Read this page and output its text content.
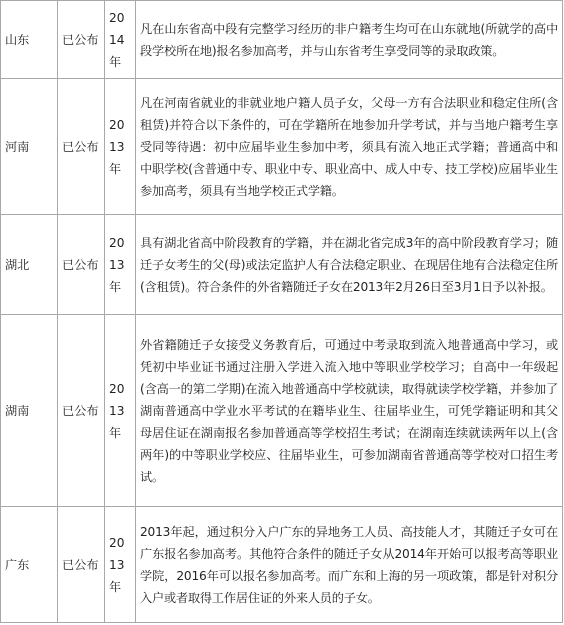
山东	已公布	2014年	凡在山东省高中段有完整学习经历的非户籍考生均可在山东就地(所就学的高中段学校所在地)报名参加高考，并与山东省考生享受同等的录取政策。

河南	已公布	2013年	凡在河南省就业的非就业地户籍人员子女，父母一方有合法职业和稳定住所(含租赁)并符合以下条件的，可在学籍所在地参加升学考试，并与当地户籍考生享受同等待遇：初中应届毕业生参加中考，须具有流入地正式学籍；普通高中和中职学校(含普通中专、职业中专、职业高中、成人中专、技工学校)应届毕业生参加高考，须具有当地学校正式学籍。

湖北	已公布	2013年	具有湖北省高中阶段教育的学籍，并在湖北省完成3年的高中阶段教育学习；随迁子女考生的父(母)或法定监护人有合法稳定职业、在现居住地有合法稳定住所(含租赁)。符合条件的外省籍随迁子女在2013年2月26日至3月1日予以补报。

湖南	已公布	2013年	外省籍随迁子女接受义务教育后，可通过中考录取到流入地普通高中学习，或凭初中毕业证书通过注册入学进入流入地中等职业学校学习；自高中一年级起(含高一的第二学期)在流入地普通高中学校就读，取得就读学校学籍，并参加了湖南普通高中学业水平考试的在籍毕业生、往届毕业生，可凭学籍证明和其父母居住证在湖南报名参加普通高等学校招生考试；在湖南连续就读两年以上(含两年)的中等职业学校应、往届毕业生，可参加湖南省普通高等学校对口招生考试。

广东	已公布	2013年	2013年起，通过积分入户广东的异地务工人员、高技能人才，其随迁子女可在广东报名参加高考。其他符合条件的随迁子女从2014年开始可以报考高等职业学院，2016年可以报名参加高考。而广东和上海的另一项政策，都是针对积分入户或者取得工作居住证的外来人员的子女。
